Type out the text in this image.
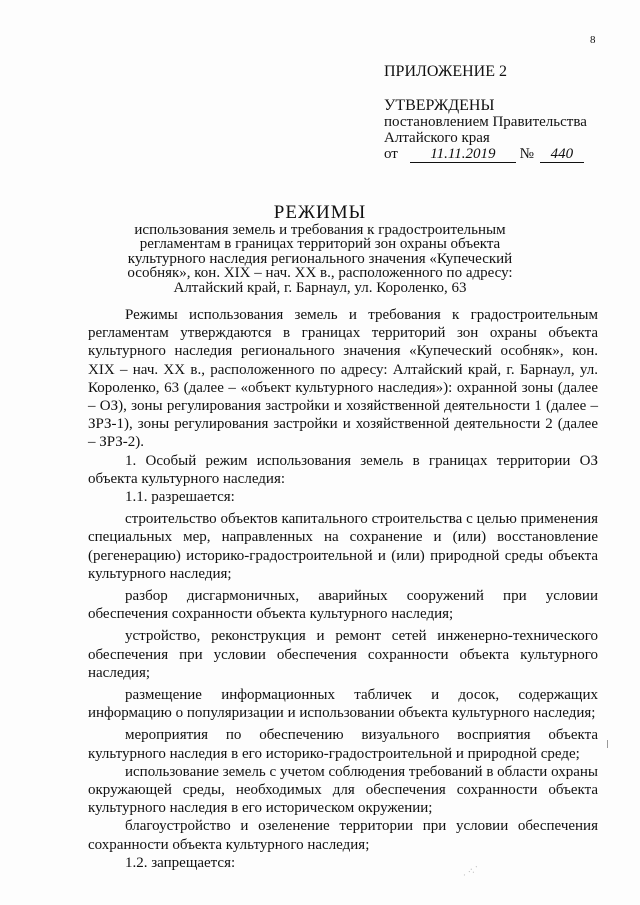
8
ПРИЛОЖЕНИЕ 2
УТВЕРЖДЕНЫ
постановлением Правительства
Алтайского края
от 11.11.2019 № 440
РЕЖИМЫ
использования земель и требования к градостроительным
регламентам в границах территорий зон охраны объекта
культурного наследия регионального значения «Купеческий
особняк», кон. XIX – нач. XX в., расположенного по адресу:
Алтайский край, г. Барнаул, ул. Короленко, 63

Режимы использования земель и требования к градостроительным регламентам утверждаются в границах территорий зон охраны объекта культурного наследия регионального значения «Купеческий особняк», кон. XIX – нач. XX в., расположенного по адресу: Алтайский край, г. Барнаул, ул. Короленко, 63 (далее – «объект культурного наследия»): охранной зоны (далее – ОЗ), зоны регулирования застройки и хозяйственной деятельности 1 (далее – ЗРЗ-1), зоны регулирования застройки и хозяйственной деятельности 2 (далее – ЗРЗ-2).

1. Особый режим использования земель в границах территории ОЗ объекта культурного наследия:

1.1. разрешается:

строительство объектов капитального строительства с целью применения специальных мер, направленных на сохранение и (или) восстановление (регенерацию) историко-градостроительной и (или) природной среды объекта культурного наследия;

разбор дисгармоничных, аварийных сооружений при условии обеспечения сохранности объекта культурного наследия;

устройство, реконструкция и ремонт сетей инженерно-технического обеспечения при условии обеспечения сохранности объекта культурного наследия;

размещение информационных табличек и досок, содержащих информацию о популяризации и использовании объекта культурного наследия;

мероприятия по обеспечению визуального восприятия объекта культурного наследия в его историко-градостроительной и природной среде;

использование земель с учетом соблюдения требований в области охраны окружающей среды, необходимых для обеспечения сохранности объекта культурного наследия в его историческом окружении;

благоустройство и озеленение территории при условии обеспечения сохранности объекта культурного наследия;

1.2. запрещается:	· ·: ·
